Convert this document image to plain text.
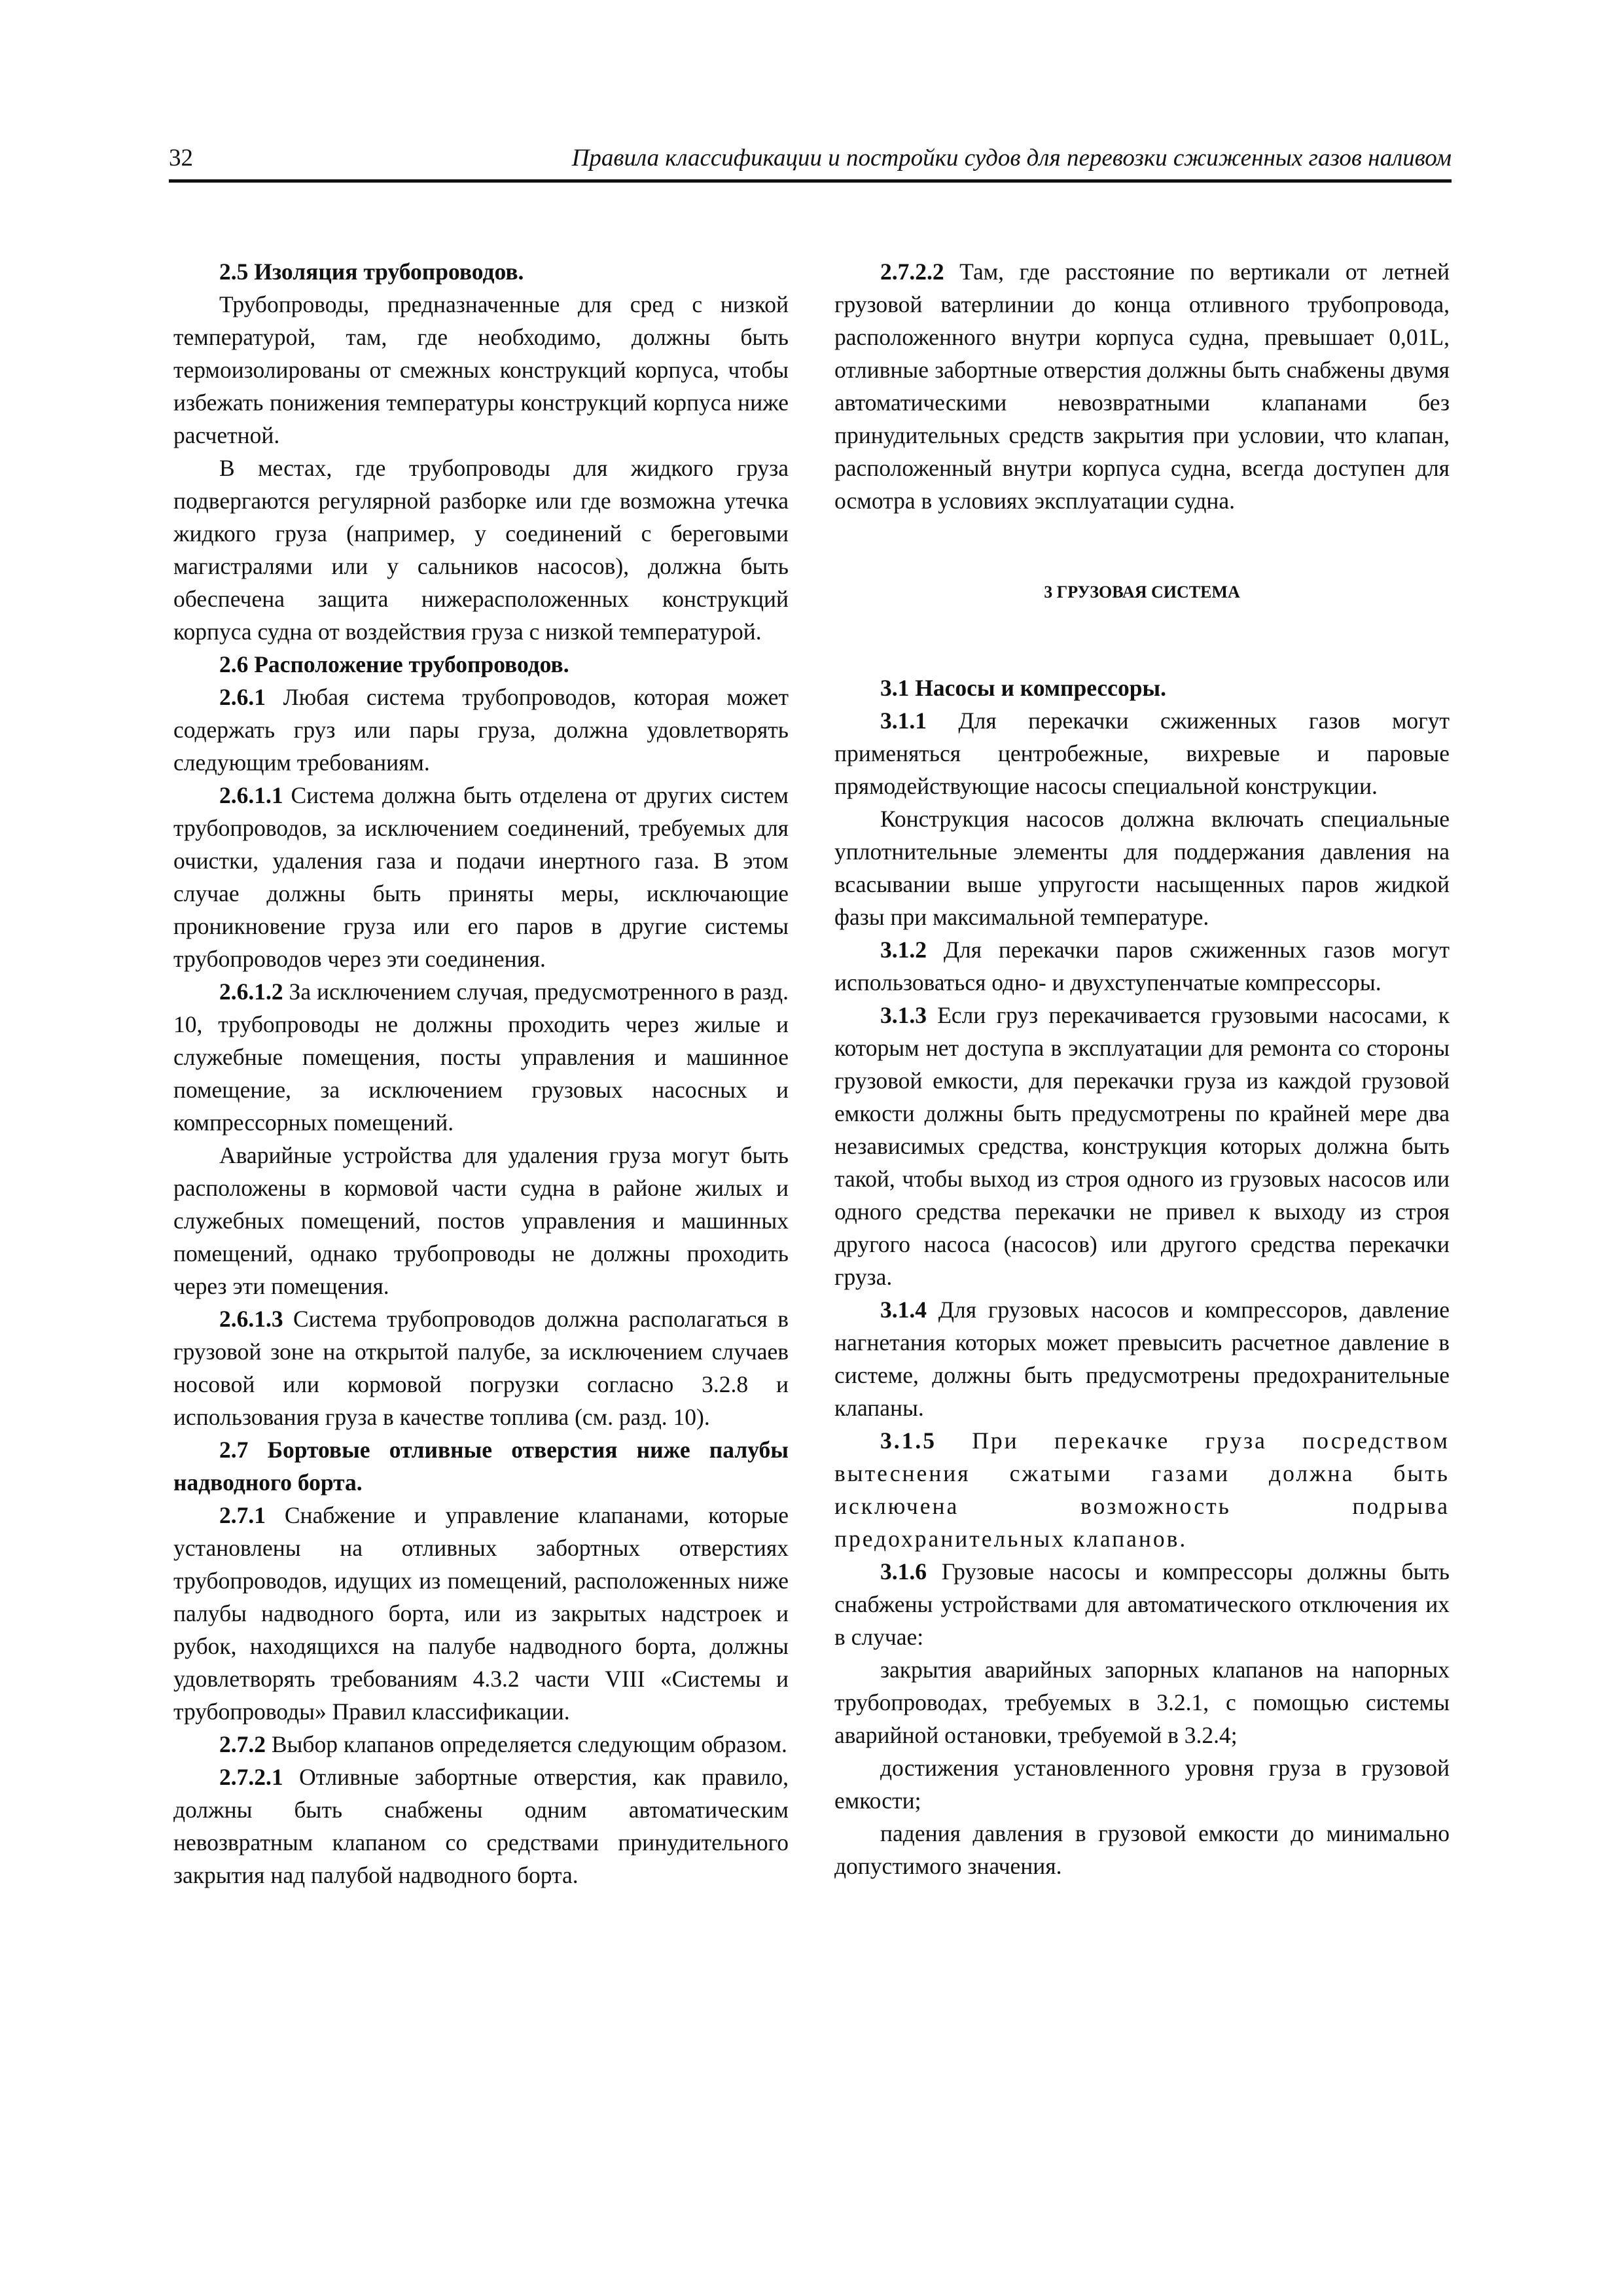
32	Правила классификации и постройки судов для перевозки сжиженных газов наливом

2.5 Изоляция трубопроводов.

Трубопроводы, предназначенные для сред с низкой температурой, там, где необходимо, должны быть термоизолированы от смежных конструкций корпуса, чтобы избежать понижения температуры конструкций корпуса ниже расчетной.

В местах, где трубопроводы для жидкого груза подвергаются регулярной разборке или где возможна утечка жидкого груза (например, у соединений с береговыми магистралями или у сальников насосов), должна быть обеспечена защита нижерасположенных конструкций корпуса судна от воздействия груза с низкой температурой.

2.6 Расположение трубопроводов.

2.6.1 Любая система трубопроводов, которая может содержать груз или пары груза, должна удовлетворять следующим требованиям.

2.6.1.1 Система должна быть отделена от других систем трубопроводов, за исключением соединений, требуемых для очистки, удаления газа и подачи инертного газа. В этом случае должны быть приняты меры, исключающие проникновение груза или его паров в другие системы трубопроводов через эти соединения.

2.6.1.2 За исключением случая, предусмотренного в разд. 10, трубопроводы не должны проходить через жилые и служебные помещения, посты управления и машинное помещение, за исключением грузовых насосных и компрессорных помещений.

Аварийные устройства для удаления груза могут быть расположены в кормовой части судна в районе жилых и служебных помещений, постов управления и машинных помещений, однако трубопроводы не должны проходить через эти помещения.

2.6.1.3 Система трубопроводов должна располагаться в грузовой зоне на открытой палубе, за исключением случаев носовой или кормовой погрузки согласно 3.2.8 и использования груза в качестве топлива (см. разд. 10).

2.7 Бортовые отливные отверстия ниже палубы надводного борта.

2.7.1 Снабжение и управление клапанами, которые установлены на отливных забортных отверстиях трубопроводов, идущих из помещений, расположенных ниже палубы надводного борта, или из закрытых надстроек и рубок, находящихся на палубе надводного борта, должны удовлетворять требованиям 4.3.2 части VIII «Системы и трубопроводы» Правил классификации.

2.7.2 Выбор клапанов определяется следующим образом.

2.7.2.1 Отливные забортные отверстия, как правило, должны быть снабжены одним автоматическим невозвратным клапаном со средствами принудительного закрытия над палубой надводного борта.

2.7.2.2 Там, где расстояние по вертикали от летней грузовой ватерлинии до конца отливного трубопровода, расположенного внутри корпуса судна, превышает 0,01L, отливные забортные отверстия должны быть снабжены двумя автоматическими невозвратными клапанами без принудительных средств закрытия при условии, что клапан, расположенный внутри корпуса судна, всегда доступен для осмотра в условиях эксплуатации судна.

3 ГРУЗОВАЯ СИСТЕМА

3.1 Насосы и компрессоры.

3.1.1 Для перекачки сжиженных газов могут применяться центробежные, вихревые и паровые прямодействующие насосы специальной конструкции.

Конструкция насосов должна включать специальные уплотнительные элементы для поддержания давления на всасывании выше упругости насыщенных паров жидкой фазы при максимальной температуре.

3.1.2 Для перекачки паров сжиженных газов могут использоваться одно- и двухступенчатые компрессоры.

3.1.3 Если груз перекачивается грузовыми насосами, к которым нет доступа в эксплуатации для ремонта со стороны грузовой емкости, для перекачки груза из каждой грузовой емкости должны быть предусмотрены по крайней мере два независимых средства, конструкция которых должна быть такой, чтобы выход из строя одного из грузовых насосов или одного средства перекачки не привел к выходу из строя другого насоса (насосов) или другого средства перекачки груза.

3.1.4 Для грузовых насосов и компрессоров, давление нагнетания которых может превысить расчетное давление в системе, должны быть предусмотрены предохранительные клапаны.

3.1.5 При перекачке груза посредством вытеснения сжатыми газами должна быть исключена возможность подрыва предохранительных клапанов.

3.1.6 Грузовые насосы и компрессоры должны быть снабжены устройствами для автоматического отключения их в случае:

закрытия аварийных запорных клапанов на напорных трубопроводах, требуемых в 3.2.1, с помощью системы аварийной остановки, требуемой в 3.2.4;

достижения установленного уровня груза в грузовой емкости;

падения давления в грузовой емкости до минимально допустимого значения.
